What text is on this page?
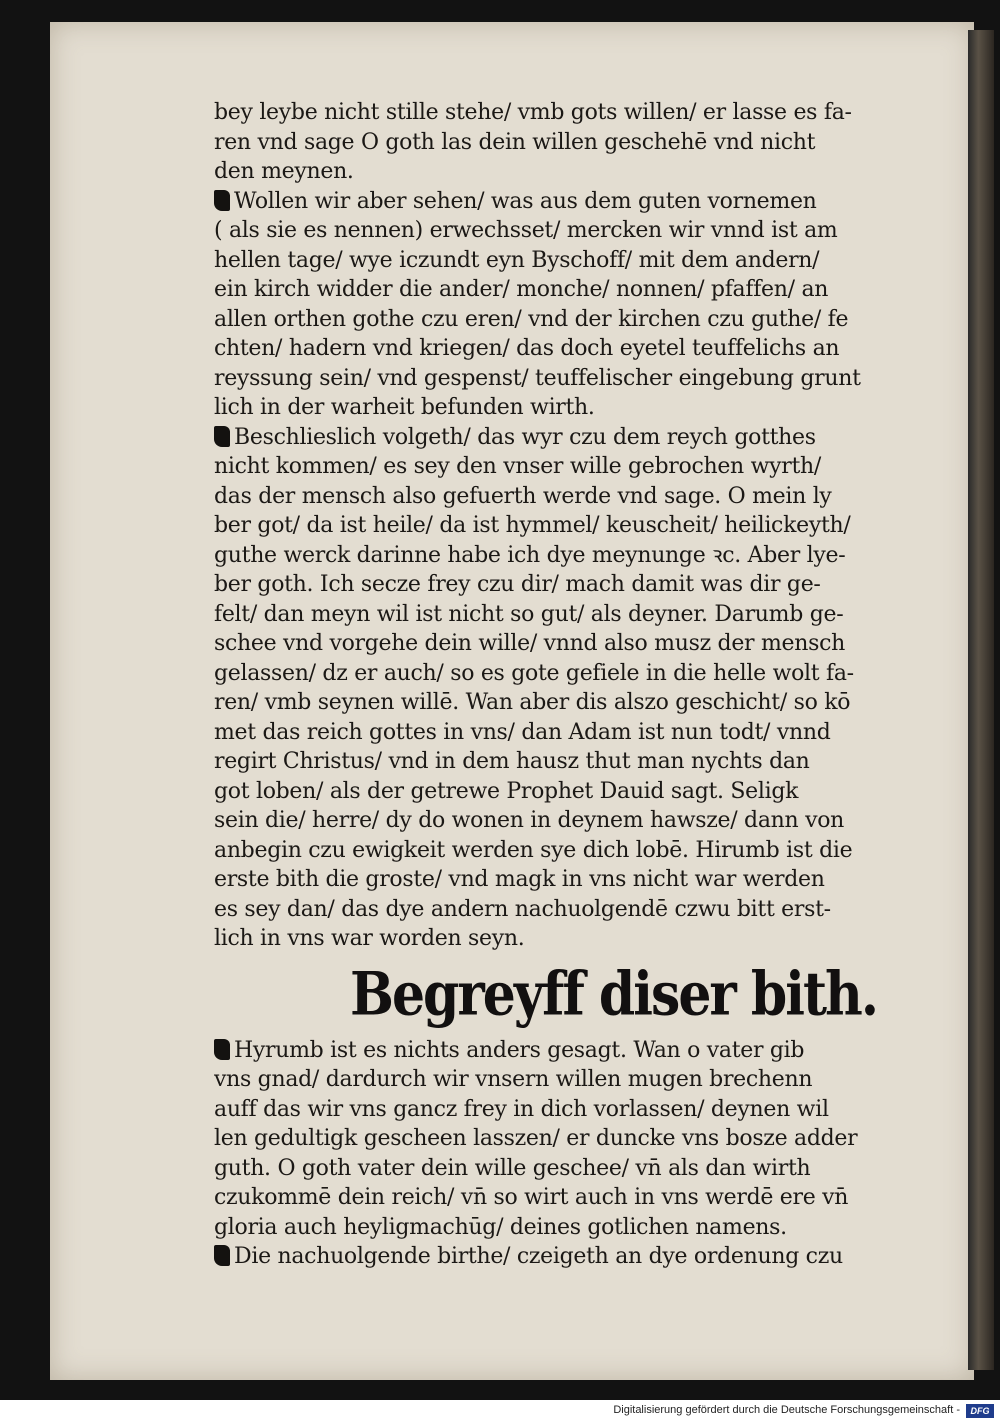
bey leybe nicht stille stehe/ vmb gots willen/ er lasse es fa-
ren vnd sage O goth las dein willen geschehē vnd nicht
den meynen.
Wollen wir aber sehen/ was aus dem guten vornemen
( als sie es nennen) erwechsset/ mercken wir vnnd ist am
hellen tage/ wye iczundt eyn Byschoff/ mit dem andern/
ein kirch widder die ander/ monche/ nonnen/ pfaffen/ an
allen orthen gothe czu eren/ vnd der kirchen czu guthe/ fe
chten/ hadern vnd kriegen/ das doch eyetel teuffelichs an
reyssung sein/ vnd gespenst/ teuffelischer eingebung grunt
lich in der warheit befunden wirth.
Beschlieslich volgeth/ das wyr czu dem reych gotthes
nicht kommen/ es sey den vnser wille gebrochen wyrth/
das der mensch also gefuerth werde vnd sage. O mein ly
ber got/ da ist heile/ da ist hymmel/ keuscheit/ heilickeyth/
guthe werck darinne habe ich dye meynunge ꝛc. Aber lye-
ber goth. Ich secze frey czu dir/ mach damit was dir ge-
felt/ dan meyn wil ist nicht so gut/ als deyner. Darumb ge-
schee vnd vorgehe dein wille/ vnnd also musz der mensch
gelassen/ dz er auch/ so es gote gefiele in die helle wolt fa-
ren/ vmb seynen willē. Wan aber dis alszo geschicht/ so kō
met das reich gottes in vns/ dan Adam ist nun todt/ vnnd
regirt Christus/ vnd in dem hausz thut man nychts dan
got loben/ als der getrewe Prophet Dauid sagt. Seligk
sein die/ herre/ dy do wonen in deynem hawsze/ dann von
anbegin czu ewigkeit werden sye dich lobē. Hirumb ist die
erste bith die groste/ vnd magk in vns nicht war werden
es sey dan/ das dye andern nachuolgendē czwu bitt erst-
lich in vns war worden seyn.
Begreyff diser bith.
Hyrumb ist es nichts anders gesagt. Wan o vater gib
vns gnad/ dardurch wir vnsern willen mugen brechenn
auff das wir vns gancz frey in dich vorlassen/ deynen wil
len gedultigk gescheen lasszen/ er duncke vns bosze adder
guth. O goth vater dein wille geschee/ vn̄ als dan wirth
czukommē dein reich/ vn̄ so wirt auch in vns werdē ere vn̄
gloria auch heyligmachūg/ deines gotlichen namens.
Die nachuolgende birthe/ czeigeth an dye ordenung czu
Digitalisierung gefördert durch die Deutsche Forschungsgemeinschaft -	DFG
